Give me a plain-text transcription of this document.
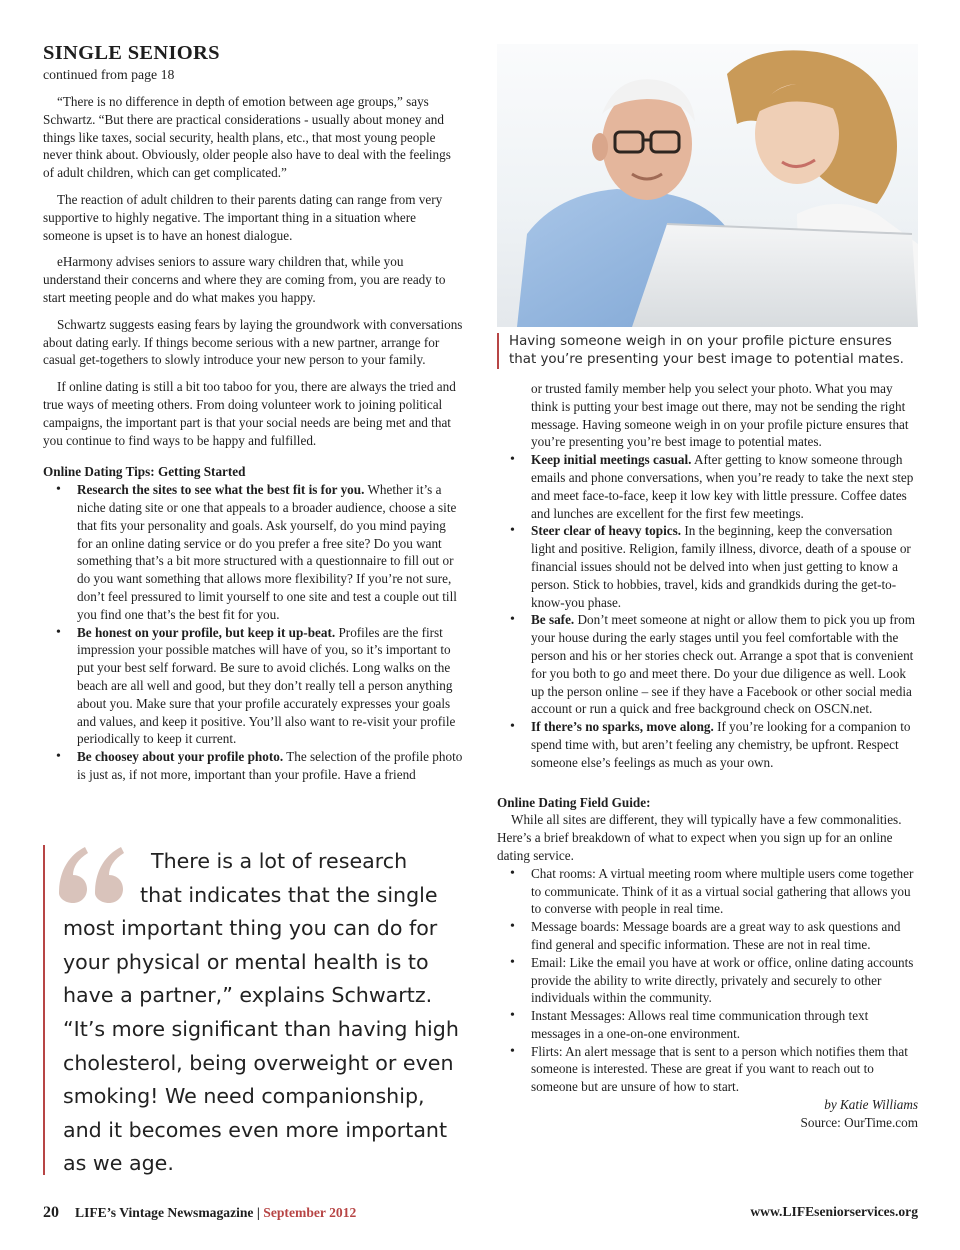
SINGLE SENIORS
continued from page 18

“There is no difference in depth of emotion between age groups,” says Schwartz. “But there are practical considerations - usually about money and things like taxes, social security, health plans, etc., that most young people never think about. Obviously, older people also have to deal with the feelings of adult children, which can get complicated.”

The reaction of adult children to their parents dating can range from very supportive to highly negative. The important thing in a situation where someone is upset is to have an honest dialogue.

eHarmony advises seniors to assure wary children that, while you understand their concerns and where they are coming from, you are ready to start meeting people and do what makes you happy.

Schwartz suggests easing fears by laying the groundwork with conversations about dating early. If things become serious with a new partner, arrange for casual get-togethers to slowly introduce your new person to your family.

If online dating is still a bit too taboo for you, there are always the tried and true ways of meeting others. From doing volunteer work to joining political campaigns, the important part is that your social needs are being met and that you continue to find ways to be happy and fulfilled.

Online Dating Tips: Getting Started
• Research the sites to see what the best fit is for you. Whether it’s a niche dating site or one that appeals to a broader audience, choose a site that fits your personality and goals. Ask yourself, do you mind paying for an online dating service or do you prefer a free site? Do you want something that’s a bit more structured with a questionnaire to fill out or do you want something that allows more flexibility? If you’re not sure, don’t feel pressured to limit yourself to one site and test a couple out till you find one that’s the best fit for you.
• Be honest on your profile, but keep it up-beat. Profiles are the first impression your possible matches will have of you, so it’s important to put your best self forward. Be sure to avoid clichés. Long walks on the beach are all well and good, but they don’t really tell a person anything about you. Make sure that your profile accurately expresses your goals and values, and keep it positive. You’ll also want to re-visit your profile periodically to keep it current.
• Be choosey about your profile photo. The selection of the profile photo is just as, if not more, important than your profile. Have a friend
There is a lot of research
that indicates that the single
most important thing you can do for
your physical or mental health is to
have a partner,” explains Schwartz.
“It’s more significant than having high
cholesterol, being overweight or even
smoking! We need companionship,
and it becomes even more important
as we age.
Having someone weigh in on your profile picture ensures that you’re presenting your best image to potential mates.
or trusted family member help you select your photo. What you may think is putting your best image out there, may not be sending the right message. Having someone weigh in on your profile picture ensures that you’re presenting you’re best image to potential mates.
• Keep initial meetings casual. After getting to know someone through emails and phone conversations, when you’re ready to take the next step and meet face-to-face, keep it low key with little pressure. Coffee dates and lunches are excellent for the first few meetings.
• Steer clear of heavy topics. In the beginning, keep the conversation light and positive. Religion, family illness, divorce, death of a spouse or financial issues should not be delved into when just getting to know a person. Stick to hobbies, travel, kids and grandkids during the get-to-know-you phase.
• Be safe. Don’t meet someone at night or allow them to pick you up from your house during the early stages until you feel comfortable with the person and his or her stories check out. Arrange a spot that is convenient for you both to go and meet there. Do your due diligence as well. Look up the person online – see if they have a Facebook or other social media account or run a quick and free background check on OSCN.net.
• If there’s no sparks, move along. If you’re looking for a companion to spend time with, but aren’t feeling any chemistry, be upfront. Respect someone else’s feelings as much as your own.
Online Dating Field Guide:

While all sites are different, they will typically have a few commonalities. Here’s a brief breakdown of what to expect when you sign up for an online dating service.

• Chat rooms: A virtual meeting room where multiple users come together to communicate. Think of it as a virtual social gathering that allows you to converse with people in real time.
• Message boards: Message boards are a great way to ask questions and find general and specific information. These are not in real time.
• Email: Like the email you have at work or office, online dating accounts provide the ability to write directly, privately and securely to other individuals within the community.
• Instant Messages: Allows real time communication through text messages in a one-on-one environment.
• Flirts: An alert message that is sent to a person which notifies them that someone is interested. These are great if you want to reach out to someone but are unsure of how to start.
by Katie Williams
Source: OurTime.com
20 LIFE’s Vintage Newsmagazine | September 2012	www.LIFEseniorservices.org
